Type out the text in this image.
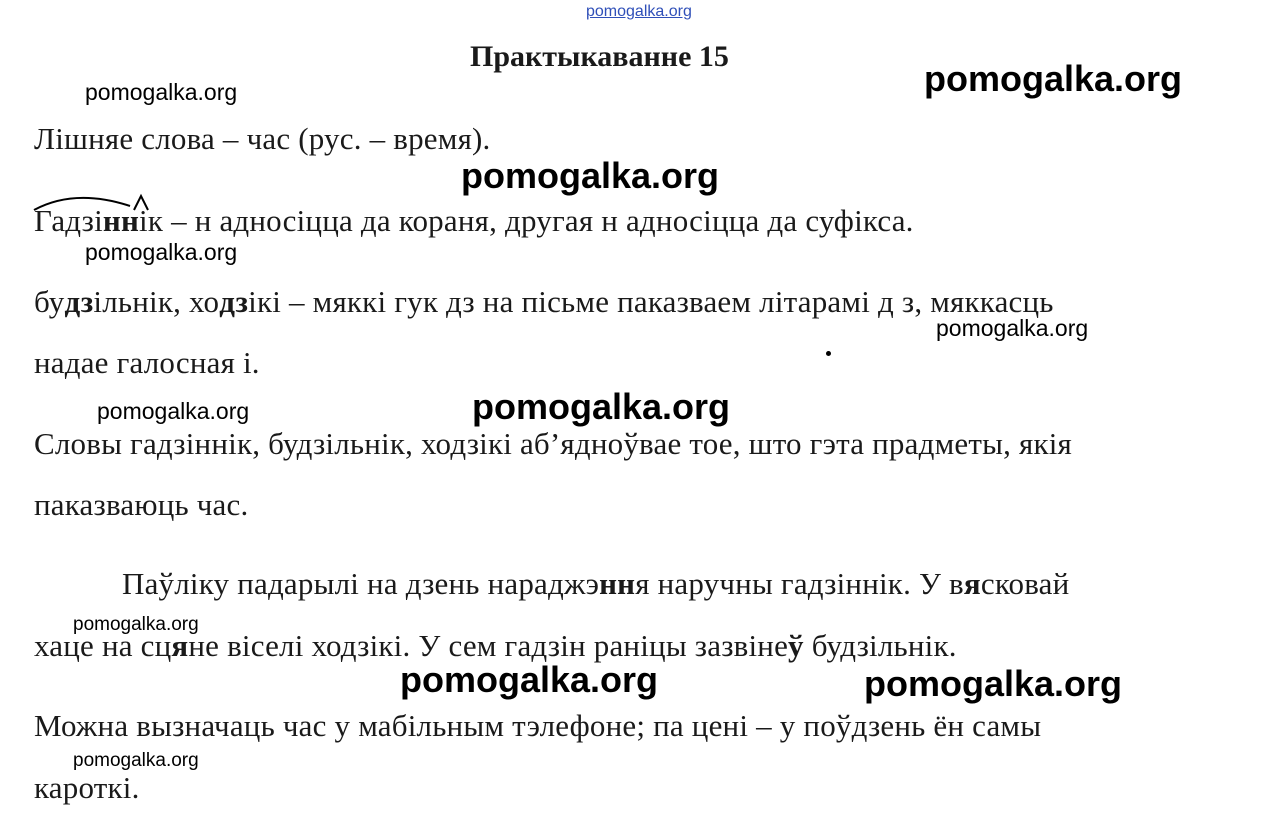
pomogalka.org
Практыкаванне 15
Лішняе слова – час (рус. – время).
Гадзіннік – н адносіцца да кораня, другая н адносіцца да суфікса.
будзільнік, ходзікі – мяккі гук дз на пісьме паказваем літарамі д з, мяккасць
надае галосная і.
Словы гадзіннік, будзільнік, ходзікі аб’ядноўвае тое, што гэта прадметы, якія
паказваюць час.
Паўліку падарылі на дзень нараджэння наручны гадзіннік. У вясковай
хаце на сцяне віселі ходзікі. У сем гадзін раніцы зазвінеў будзільнік.
Можна вызначаць час у мабільным тэлефоне; па цені – у поўдзень ён самы
кароткі.
pomogalka.org	pomogalka.org
pomogalka.org
pomogalka.org
pomogalka.org
pomogalka.org	pomogalka.org
pomogalka.org
pomogalka.org	pomogalka.org
pomogalka.org
